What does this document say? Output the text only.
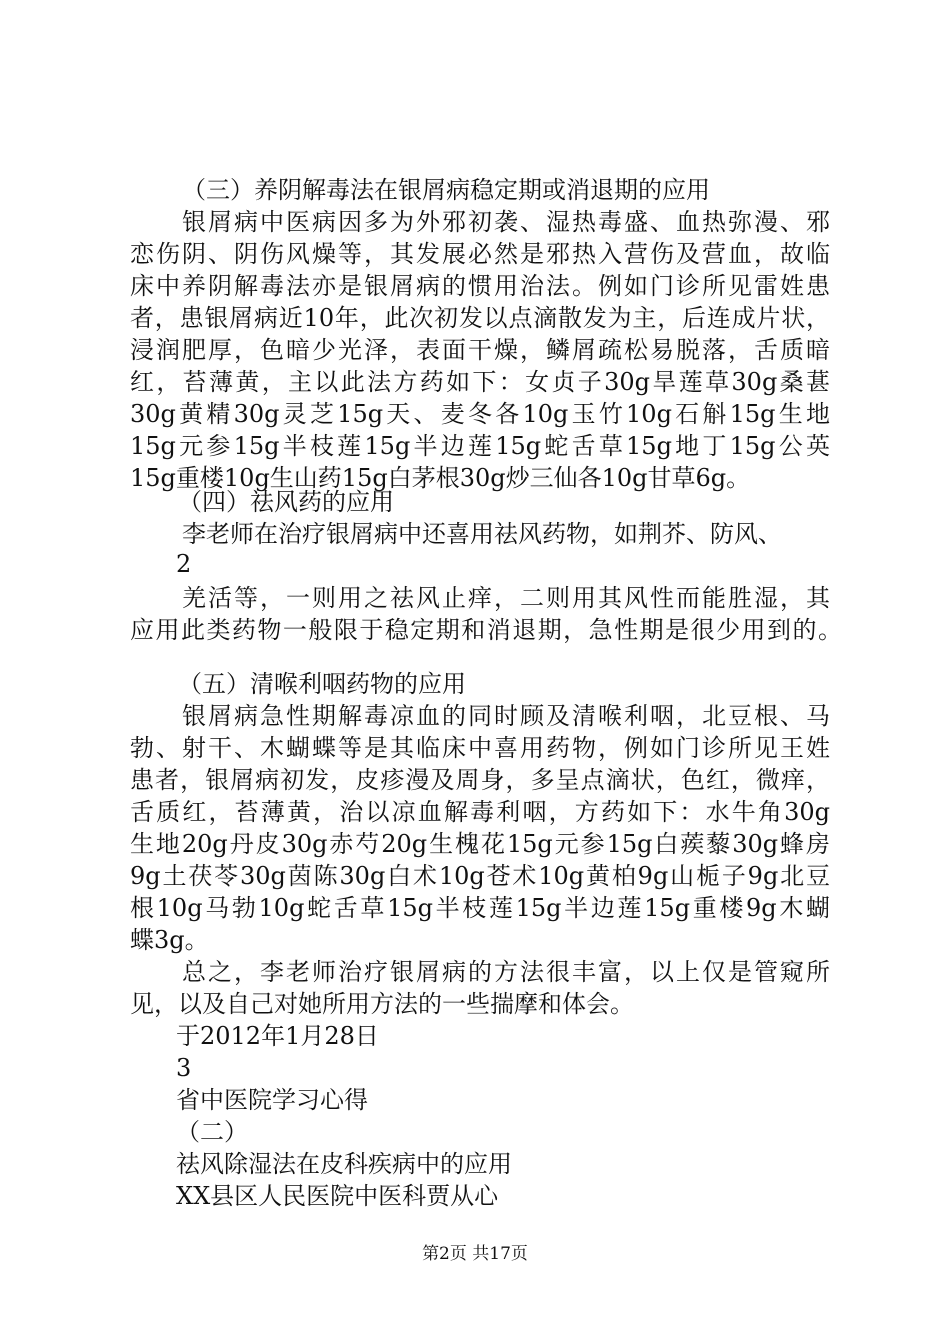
（三）养阴解毒法在银屑病稳定期或消退期的应用
银屑病中医病因多为外邪初袭、湿热毒盛、血热弥漫、邪
恋伤阴、阴伤风燥等，其发展必然是邪热入营伤及营血，故临
床中养阴解毒法亦是银屑病的惯用治法。例如门诊所见雷姓患
者，患银屑病近10年，此次初发以点滴散发为主，后连成片状，
浸润肥厚，色暗少光泽，表面干燥，鳞屑疏松易脱落，舌质暗
红，苔薄黄，主以此法方药如下：女贞子30g旱莲草30g桑葚
30g黄精30g灵芝15g天、麦冬各10g玉竹10g石斛15g生地
15g元参15g半枝莲15g半边莲15g蛇舌草15g地丁15g公英
15g重楼10g生山药15g白茅根30g炒三仙各10g甘草6g。
（四）祛风药的应用
李老师在治疗银屑病中还喜用祛风药物，如荆芥、防风、
2
羌活等，一则用之祛风止痒，二则用其风性而能胜湿，其
应用此类药物一般限于稳定期和消退期，急性期是很少用到的。
（五）清喉利咽药物的应用
银屑病急性期解毒凉血的同时顾及清喉利咽，北豆根、马
勃、射干、木蝴蝶等是其临床中喜用药物，例如门诊所见王姓
患者，银屑病初发，皮疹漫及周身，多呈点滴状，色红，微痒，
舌质红，苔薄黄，治以凉血解毒利咽，方药如下：水牛角30g
生地20g丹皮30g赤芍20g生槐花15g元参15g白蒺藜30g蜂房
9g土茯苓30g茵陈30g白术10g苍术10g黄柏9g山栀子9g北豆
根10g马勃10g蛇舌草15g半枝莲15g半边莲15g重楼9g木蝴
蝶3g。
总之，李老师治疗银屑病的方法很丰富，以上仅是管窥所
见，以及自己对她所用方法的一些揣摩和体会。
于2012年1月28日
3
省中医院学习心得
（二）
祛风除湿法在皮科疾病中的应用
XX县区人民医院中医科贾从心
第2页 共17页
